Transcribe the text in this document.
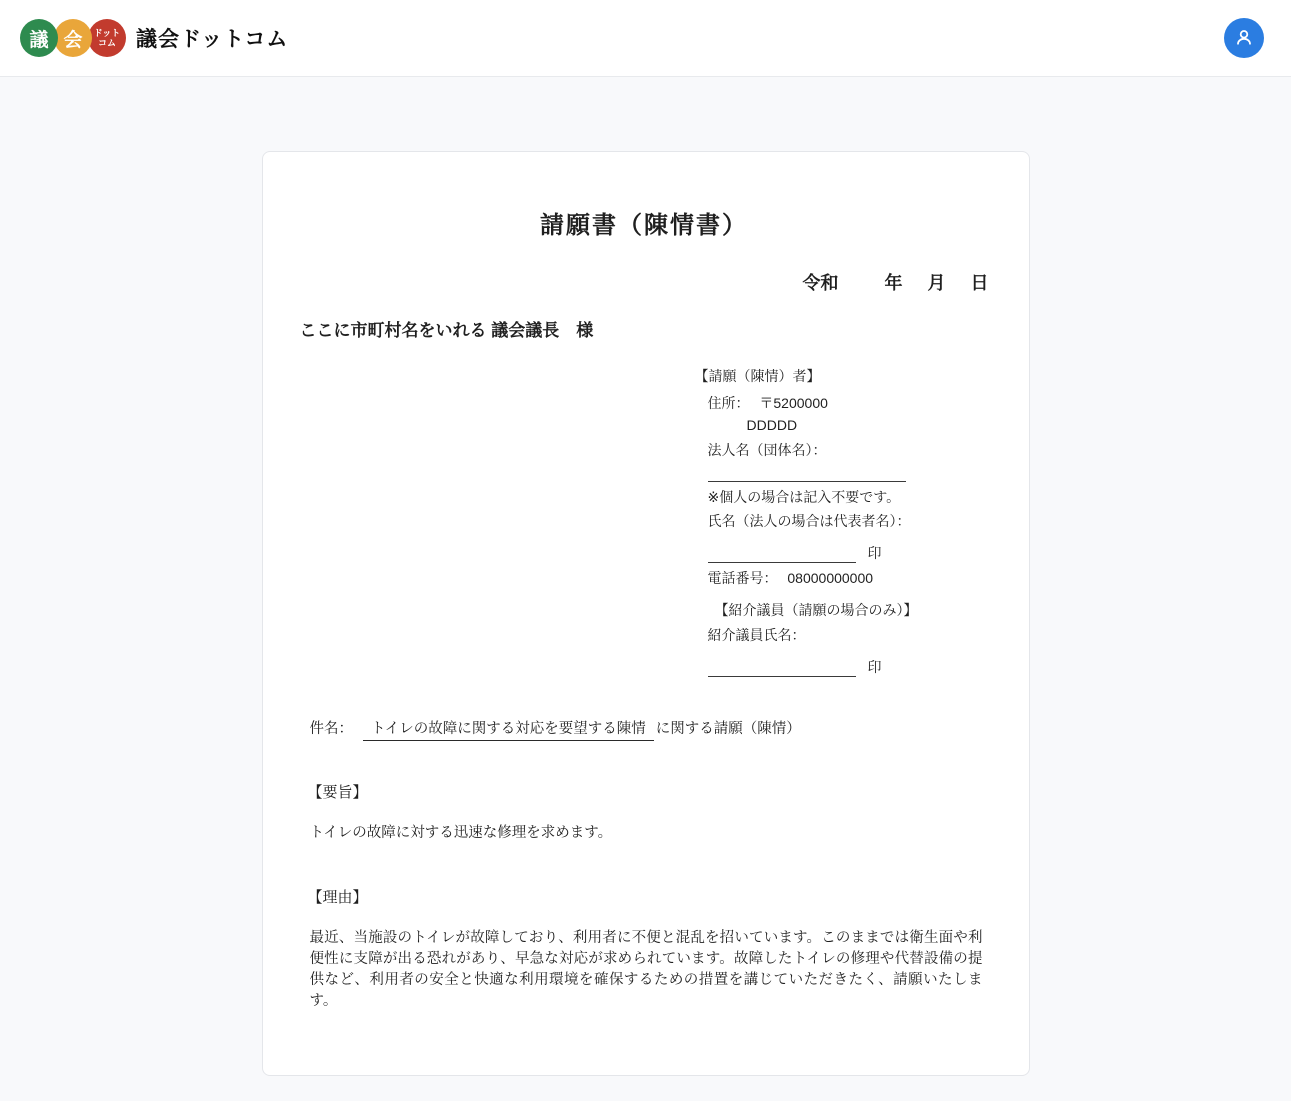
議 会 ドット
コム 議会ドットコム
請願書（陳情書）
令和	年 月 日
ここに市町村名をいれる 議会議長　様
【請願（陳情）者】
住所： 〒5200000
DDDDD
法人名（団体名）：
※個人の場合は記入不要です。
氏名（法人の場合は代表者名）：
印
電話番号： 08000000000
【紹介議員（請願の場合のみ）】
紹介議員氏名：
印
件名： トイレの故障に関する対応を要望する陳情 に関する請願（陳情）
【要旨】
トイレの故障に対する迅速な修理を求めます。
【理由】
最近、当施設のトイレが故障しており、利用者に不便と混乱を招いています。このままでは衛生面や利便性に支障が出る恐れがあり、早急な対応が求められています。故障したトイレの修理や代替設備の提供など、利用者の安全と快適な利用環境を確保するための措置を講じていただきたく、請願いたします。
